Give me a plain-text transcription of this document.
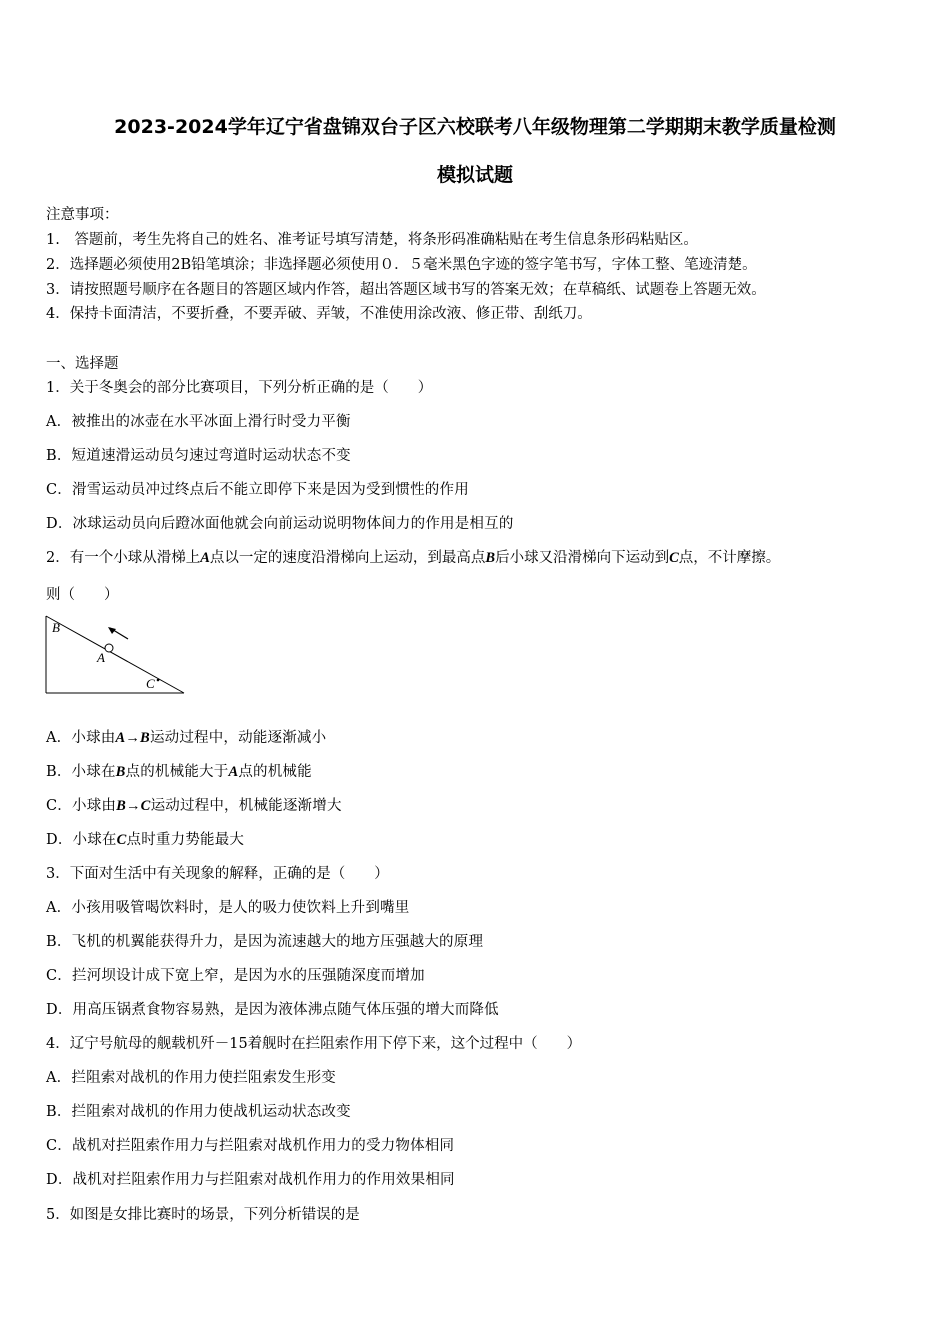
2023-2024学年辽宁省盘锦双台子区六校联考八年级物理第二学期期末教学质量检测
模拟试题
注意事项：
1.　答题前，考生先将自己的姓名、准考证号填写清楚，将条形码准确粘贴在考生信息条形码粘贴区。
2．选择题必须使用2B铅笔填涂；非选择题必须使用０．５毫米黑色字迹的签字笔书写，字体工整、笔迹清楚。
3．请按照题号顺序在各题目的答题区域内作答，超出答题区域书写的答案无效；在草稿纸、试题卷上答题无效。
4．保持卡面清洁，不要折叠，不要弄破、弄皱，不准使用涂改液、修正带、刮纸刀。
一、选择题
1．关于冬奥会的部分比赛项目，下列分析正确的是（　　）
A．被推出的冰壶在水平冰面上滑行时受力平衡
B．短道速滑运动员匀速过弯道时运动状态不变
C．滑雪运动员冲过终点后不能立即停下来是因为受到惯性的作用
D．冰球运动员向后蹬冰面他就会向前运动说明物体间力的作用是相互的
2．有一个小球从滑梯上A点以一定的速度沿滑梯向上运动，到最高点B后小球又沿滑梯向下运动到C点，不计摩擦。
则（　　）
B
A
C
A．小球由A→B运动过程中，动能逐渐减小
B．小球在B点的机械能大于A点的机械能
C．小球由B→C运动过程中，机械能逐渐增大
D．小球在C点时重力势能最大
3．下面对生活中有关现象的解释，正确的是（　　）
A．小孩用吸管喝饮料时，是人的吸力使饮料上升到嘴里
B．飞机的机翼能获得升力，是因为流速越大的地方压强越大的原理
C．拦河坝设计成下宽上窄，是因为水的压强随深度而增加
D．用高压锅煮食物容易熟，是因为液体沸点随气体压强的增大而降低
4．辽宁号航母的舰载机歼－15着舰时在拦阻索作用下停下来，这个过程中（　　）
A．拦阻索对战机的作用力使拦阻索发生形变
B．拦阻索对战机的作用力使战机运动状态改变
C．战机对拦阻索作用力与拦阻索对战机作用力的受力物体相同
D．战机对拦阻索作用力与拦阻索对战机作用力的作用效果相同
5．如图是女排比赛时的场景，下列分析错误的是
